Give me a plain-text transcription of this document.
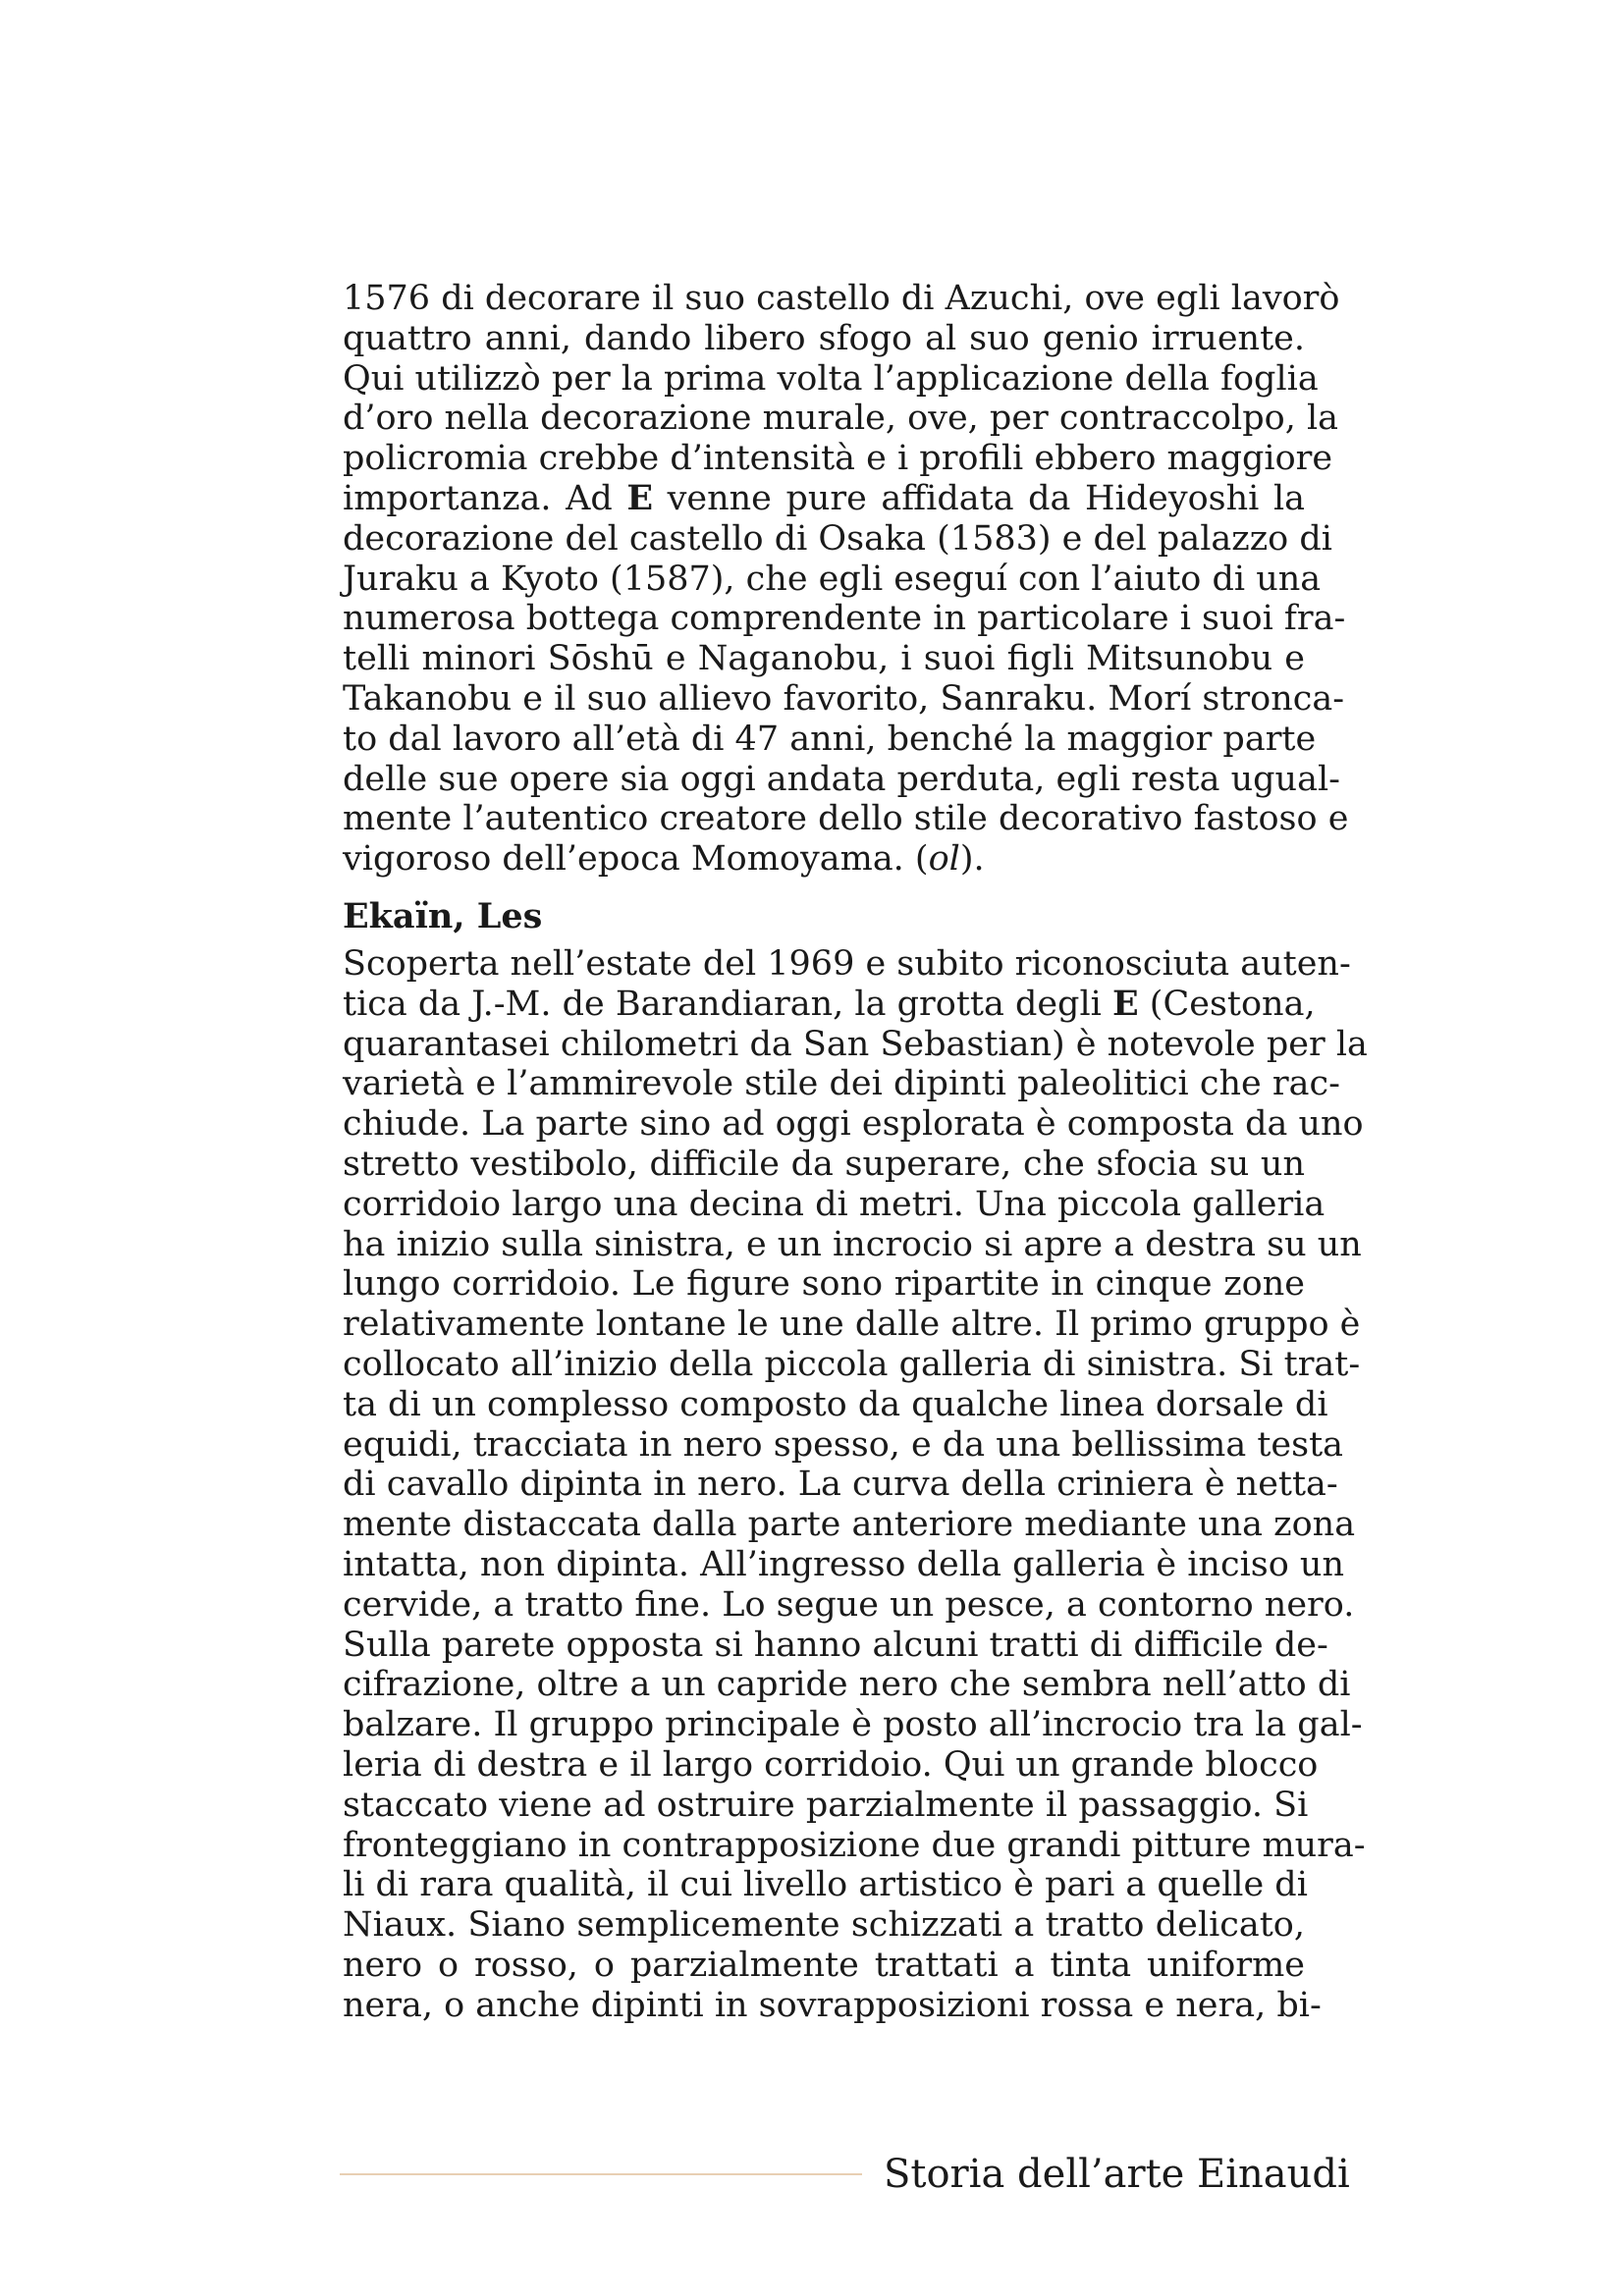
1576 di decorare il suo castello di Azuchi, ove egli lavorò
quattro anni, dando libero sfogo al suo genio irruente.
Qui utilizzò per la prima volta l’applicazione della foglia
d’oro nella decorazione murale, ove, per contraccolpo, la
policromia crebbe d’intensità e i profili ebbero maggiore
importanza. Ad E venne pure affidata da Hideyoshi la
decorazione del castello di Osaka (1583) e del palazzo di
Juraku a Kyoto (1587), che egli eseguí con l’aiuto di una
numerosa bottega comprendente in particolare i suoi fra-
telli minori Sōshū e Naganobu, i suoi figli Mitsunobu e
Takanobu e il suo allievo favorito, Sanraku. Morí stronca-
to dal lavoro all’età di 47 anni, benché la maggior parte
delle sue opere sia oggi andata perduta, egli resta ugual-
mente l’autentico creatore dello stile decorativo fastoso e
vigoroso dell’epoca Momoyama. (ol).
Ekaïn, Les
Scoperta nell’estate del 1969 e subito riconosciuta auten-
tica da J.-M. de Barandiaran, la grotta degli E (Cestona,
quarantasei chilometri da San Sebastian) è notevole per la
varietà e l’ammirevole stile dei dipinti paleolitici che rac-
chiude. La parte sino ad oggi esplorata è composta da uno
stretto vestibolo, difficile da superare, che sfocia su un
corridoio largo una decina di metri. Una piccola galleria
ha inizio sulla sinistra, e un incrocio si apre a destra su un
lungo corridoio. Le figure sono ripartite in cinque zone
relativamente lontane le une dalle altre. Il primo gruppo è
collocato all’inizio della piccola galleria di sinistra. Si trat-
ta di un complesso composto da qualche linea dorsale di
equidi, tracciata in nero spesso, e da una bellissima testa
di cavallo dipinta in nero. La curva della criniera è netta-
mente distaccata dalla parte anteriore mediante una zona
intatta, non dipinta. All’ingresso della galleria è inciso un
cervide, a tratto fine. Lo segue un pesce, a contorno nero.
Sulla parete opposta si hanno alcuni tratti di difficile de-
cifrazione, oltre a un capride nero che sembra nell’atto di
balzare. Il gruppo principale è posto all’incrocio tra la gal-
leria di destra e il largo corridoio. Qui un grande blocco
staccato viene ad ostruire parzialmente il passaggio. Si
fronteggiano in contrapposizione due grandi pitture mura-
li di rara qualità, il cui livello artistico è pari a quelle di
Niaux. Siano semplicemente schizzati a tratto delicato,
nero o rosso, o parzialmente trattati a tinta uniforme
nera, o anche dipinti in sovrapposizioni rossa e nera, bi-
Storia dell’arte Einaudi
